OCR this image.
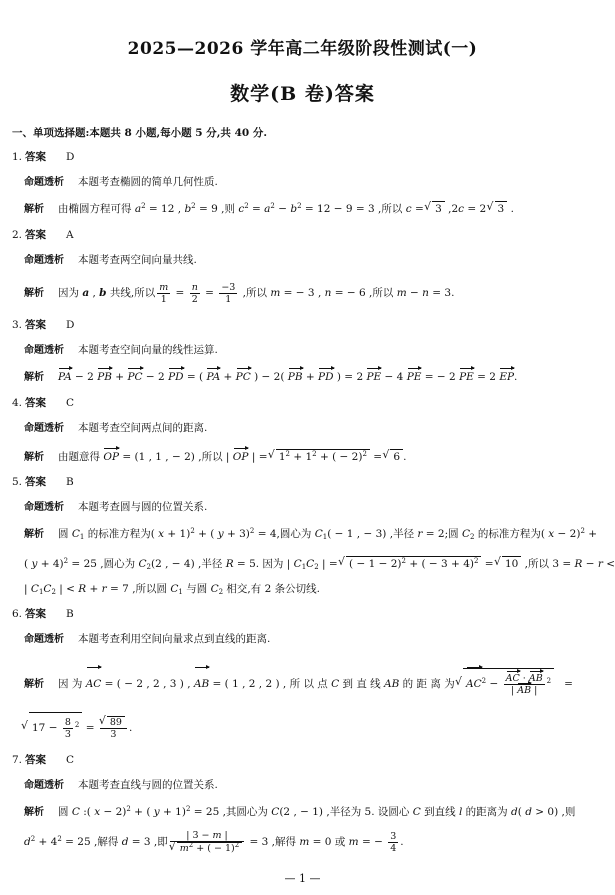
2025—2026 学年高二年级阶段性测试(一)
数学(B 卷)答案
一、单项选择题:本题共 8 小题,每小题 5 分,共 40 分.
1. 答案 D
命题透析 本题考查椭圆的简单几何性质.
解析 由椭圆方程可得 $a^2 = 12$ , $b^2 = 9$ ,则 $c^2 = a^2 - b^2 = 12 - 9 = 3$ ,所以 c = √ 3 ,2c = 2 √ 3 .
2. 答案 A
命题透析 本题考查两空间向量共线.
解析 因为 a , b 共线,所以 $\frac{m}{1} = \frac{n}{2} = \frac{-3}{1}$ ,所以 m = − 3 , n = − 6 ,所以 m − n = 3.
3. 答案 D
命题透析 本题考查空间向量的线性运算.
解析 PA − 2 PB + PC − 2 PD = ( PA + PC ) − 2( PB + PD ) = 2 PE − 4 PE = − 2 PE = 2 EP.
4. 答案 C
命题透析 本题考查空间两点间的距离.
解析 由题意得 OP = (1 , 1 , − 2) ,所以 | OP | = √ $1^2 + 1^2$ + ( − 2)$^2$ = √ 6 .
5. 答案 B
命题透析 本题考查圆与圆的位置关系.
解析 圆 $C_1$ 的标准方程为( x + 1)$^2$ + ( y + 3)$^2$ = 4,圆心为 $C_1( - 1$ , − 3) ,半径 r = 2;圆 $C_2$ 的标准方程为( x − 2)$^2$ +
( y + 4)$^2$ = 25 ,圆心为 $C_2(2$ , − 4) ,半径 R = 5. 因为 | $C_1C_2$ | = √ ( − 1 − 2)$^2$ + ( − 3 + 4)$^2$ = √ 10 ,所以 3 = R − r <
| $C_1C_2$ | < R + r = 7 ,所以圆 $C_1$ 与圆 $C_2$ 相交,有 2 条公切线.
6. 答案 B
命题透析 本题考查利用空间向量求点到直线的距离.
解析 因 为 AC = ( − 2 , 2 , 3 ) , AB = ( 1 , 2 , 2 ) , 所 以 点 C 到 直 线 AB 的 距 离 为 √ $AC^2 - \frac{AC \cdot AB}{| AB |} ^2$   =
√ $17 - \frac{8}{3} ^2$ =
√ $\frac{89}{3}$ .
7. 答案 C
命题透析 本题考查直线与圆的位置关系.
解析 圆 C :( x − 2)$^2$ + ( y + 1)$^2$ = 25 ,其圆心为 C(2 , − 1) ,半径为 5. 设圆心 C 到直线 l 的距离为 d( d > 0) ,则
$d^2 + 4^2 = 25$ ,解得 d = 3 ,即 | 3 − m |
√ $m^2$ + ( − 1)$^2$ = 3 ,解得 m = 0 或 m = − $\frac{3}{4}$ .
— 1 —
